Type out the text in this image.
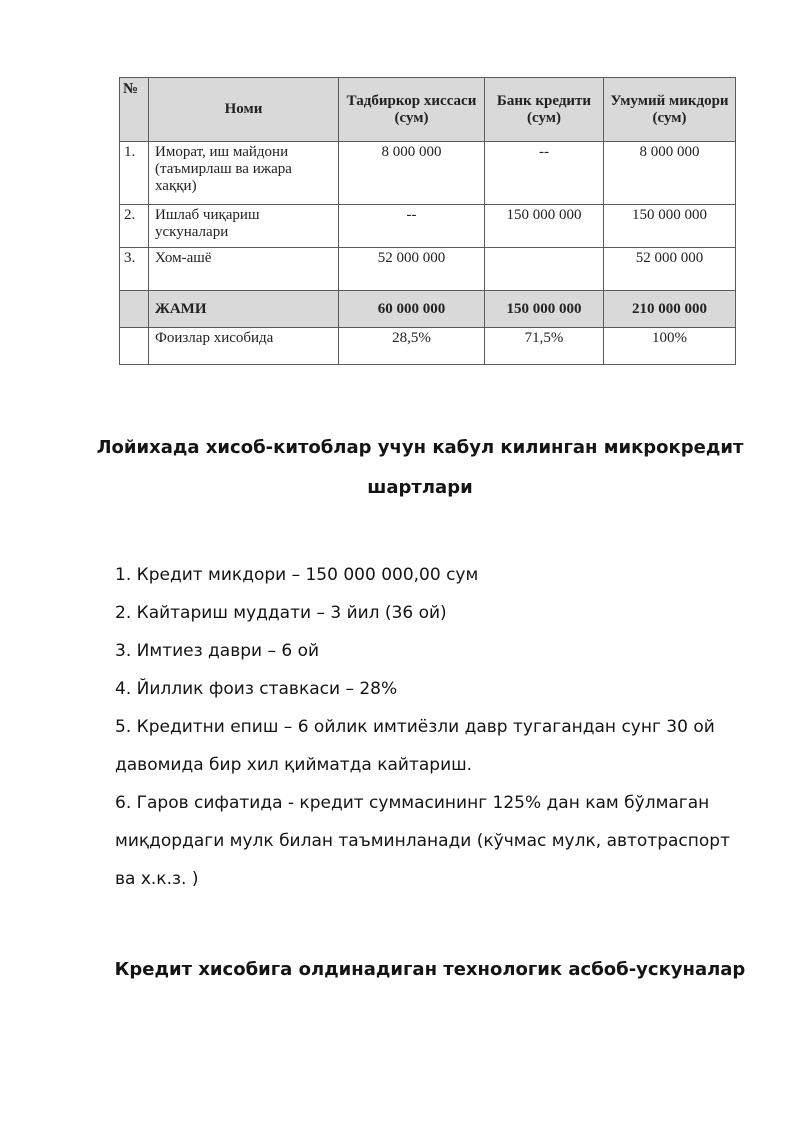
№	Номи	Тадбиркор хиссаси (сум)	Банк кредити (сум)	Умумий микдори (сум)
1.	Иморат, иш майдони (таъмирлаш ва ижара хаққи)	8 000 000	--	8 000 000
2.	Ишлаб чиқариш ускуналари	--	150 000 000	150 000 000
3.	Хом-ашё	52 000 000		52 000 000
	ЖАМИ	60 000 000	150 000 000	210 000 000
	Фоизлар хисобида	28,5%	71,5%	100%
Лойихада хисоб-китоблар учун кабул килинган микрокредит шартлари
1. Кредит микдори – 150 000 000,00 сум
2. Кайтариш муддати – 3 йил (36 ой)
3. Имтиез даври – 6 ой
4. Йиллик фоиз ставкаси – 28%
5. Кредитни епиш – 6 ойлик имтиёзли давр тугагандан сунг 30 ой давомида бир хил қийматда кайтариш.
6. Гаров сифатида - кредит суммасининг 125% дан кам бўлмаган миқдордаги мулк билан таъминланади (кўчмас мулк, автотраспорт ва х.к.з. )
Кредит хисобига олдинадиган технологик асбоб-ускуналар
